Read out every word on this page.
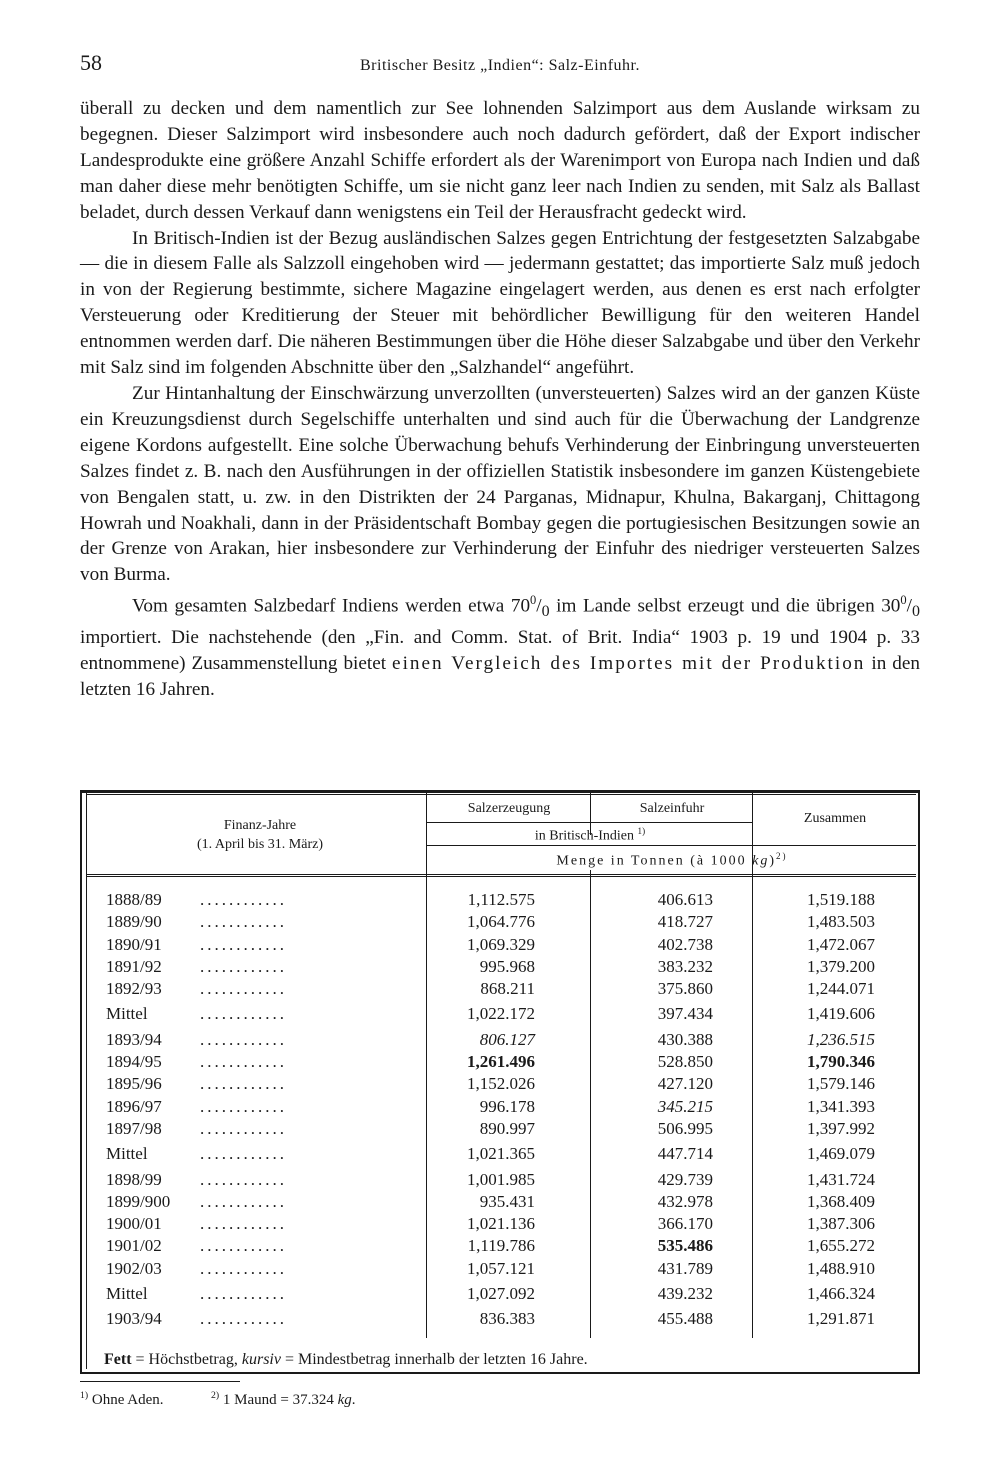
58	Britischer Besitz „Indien“: Salz-Einfuhr.

überall zu decken und dem namentlich zur See lohnenden Salzimport aus dem Auslande wirksam zu begegnen. Dieser Salzimport wird insbesondere auch noch dadurch gefördert, daß der Export indischer Landesprodukte eine größere Anzahl Schiffe erfordert als der Warenimport von Europa nach Indien und daß man daher diese mehr benötigten Schiffe, um sie nicht ganz leer nach Indien zu senden, mit Salz als Ballast beladet, durch dessen Verkauf dann wenigstens ein Teil der Herausfracht gedeckt wird.

In Britisch-Indien ist der Bezug ausländischen Salzes gegen Entrichtung der festgesetzten Salzabgabe — die in diesem Falle als Salzzoll eingehoben wird — jedermann gestattet; das importierte Salz muß jedoch in von der Regierung bestimmte, sichere Magazine eingelagert werden, aus denen es erst nach erfolgter Versteuerung oder Kreditierung der Steuer mit behördlicher Bewilligung für den weiteren Handel entnommen werden darf. Die näheren Bestimmungen über die Höhe dieser Salzabgabe und über den Verkehr mit Salz sind im folgenden Abschnitte über den „Salzhandel“ angeführt.

Zur Hintanhaltung der Einschwärzung unverzollten (unversteuerten) Salzes wird an der ganzen Küste ein Kreuzungsdienst durch Segelschiffe unterhalten und sind auch für die Überwachung der Landgrenze eigene Kordons aufgestellt. Eine solche Überwachung behufs Verhinderung der Einbringung unversteuerten Salzes findet z. B. nach den Ausführungen in der offiziellen Statistik insbesondere im ganzen Küstengebiete von Bengalen statt, u. zw. in den Distrikten der 24 Parganas, Midnapur, Khulna, Bakarganj, Chittagong Howrah und Noakhali, dann in der Präsidentschaft Bombay gegen die portugiesischen Besitzungen sowie an der Grenze von Arakan, hier insbesondere zur Verhinderung der Einfuhr des niedriger versteuerten Salzes von Burma.

Vom gesamten Salzbedarf Indiens werden etwa $70^0/_0$ im Lande selbst erzeugt und die übrigen $30^0/_0$ importiert. Die nachstehende (den „Fin. and Comm. Stat. of Brit. India“ 1903 p. 19 und 1904 p. 33 entnommene) Zusammenstellung bietet einen Vergleich des Importes mit der Produktion in den letzten 16 Jahren.

Finanz-Jahre
(1. April bis 31. März)
Salzerzeugung	Salzeinfuhr
in Britisch-Indien $^{1)}$
Zusammen
Menge in Tonnen (à 1000 kg)$^{2)}$
1888/89 ............	1,112.575	406.613	1,519.188
1889/90 ............	1,064.776	418.727	1,483.503
1890/91 ............	1,069.329	402.738	1,472.067
1891/92 ............	995.968	383.232	1,379.200
1892/93 ............	868.211	375.860	1,244.071
Mittel	............	1,022.172	397.434	1,419.606
1893/94 ............	806.127	430.388	1,236.515
1894/95 ............	1,261.496	528.850	1,790.346
1895/96 ............	1,152.026	427.120	1,579.146
1896/97 ............	996.178	345.215	1,341.393
1897/98 ............	890.997	506.995	1,397.992
Mittel	............	1,021.365	447.714	1,469.079
1898/99 ............	1,001.985	429.739	1,431.724
1899/900 ............	935.431	432.978	1,368.409
1900/01 ............	1,021.136	366.170	1,387.306
1901/02 ............	1,119.786	535.486	1,655.272
1902/03 ............	1,057.121	431.789	1,488.910
Mittel	............	1,027.092	439.232	1,466.324
1903/94 ............	836.383	455.488	1,291.871
Fett = Höchstbetrag, kursiv = Mindestbetrag innerhalb der letzten 16 Jahre.
$^{1)}$ Ohne Aden.	$^{2)}$ 1 Maund = 37.324 kg.
